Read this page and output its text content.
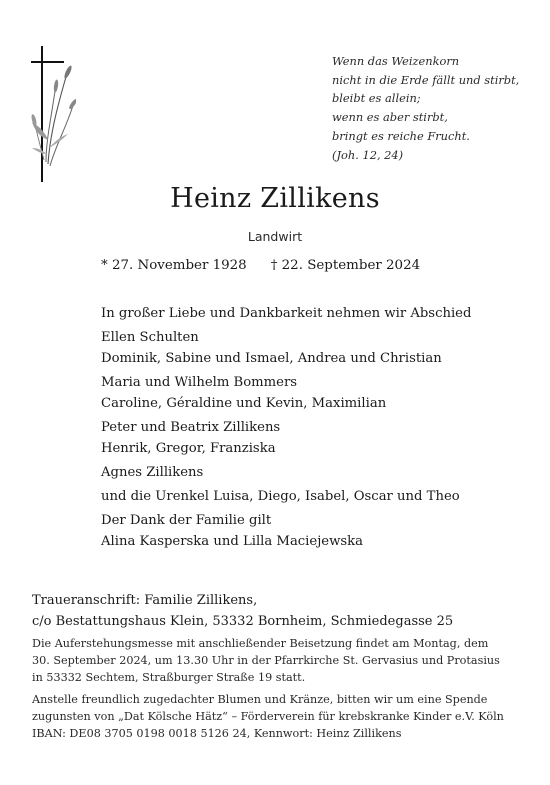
Wenn das Weizenkorn
nicht in die Erde fällt und stirbt,
bleibt es allein;
wenn es aber stirbt,
bringt es reiche Frucht.
(Joh. 12, 24)
Heinz Zillikens
Landwirt
* 27. November 1928 † 22. September 2024
In großer Liebe und Dankbarkeit nehmen wir Abschied
Ellen Schulten
Dominik, Sabine und Ismael, Andrea und Christian
Maria und Wilhelm Bommers
Caroline, Géraldine und Kevin, Maximilian
Peter und Beatrix Zillikens
Henrik, Gregor, Franziska
Agnes Zillikens
und die Urenkel Luisa, Diego, Isabel, Oscar und Theo
Der Dank der Familie gilt
Alina Kasperska und Lilla Maciejewska
Traueranschrift: Familie Zillikens,
c/o Bestattungshaus Klein, 53332 Bornheim, Schmiedegasse 25

Die Auferstehungsmesse mit anschließender Beisetzung findet am Montag, dem
30. September 2024, um 13.30 Uhr in der Pfarrkirche St. Gervasius und Protasius
in 53332 Sechtem, Straßburger Straße 19 statt.

Anstelle freundlich zugedachter Blumen und Kränze, bitten wir um eine Spende
zugunsten von „Dat Kölsche Hätz“ – Förderverein für krebskranke Kinder e.V. Köln
IBAN: DE08 3705 0198 0018 5126 24, Kennwort: Heinz Zillikens
